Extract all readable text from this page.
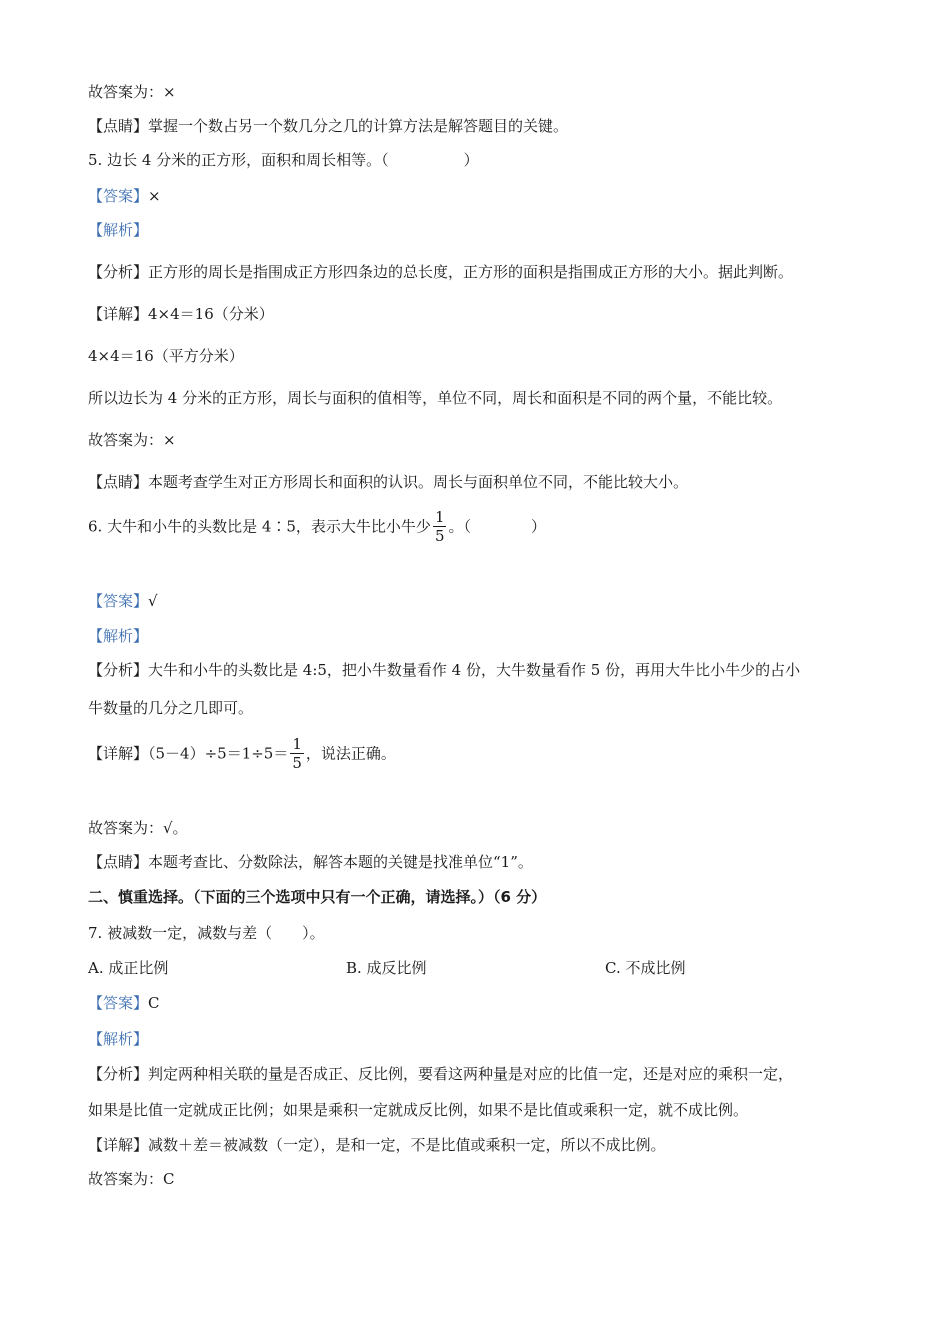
故答案为：×
【点睛】掌握一个数占另一个数几分之几的计算方法是解答题目的关键。
5. 边长 4 分米的正方形，面积和周长相等。（　　　　　）
【答案】×
【解析】
【分析】正方形的周长是指围成正方形四条边的总长度，正方形的面积是指围成正方形的大小。据此判断。
【详解】4×4＝16（分米）
4×4＝16（平方分米）
所以边长为 4 分米的正方形，周长与面积的值相等，单位不同，周长和面积是不同的两个量，不能比较。
故答案为：×
【点睛】本题考查学生对正方形周长和面积的认识。周长与面积单位不同，不能比较大小。
6. 大牛和小牛的头数比是 4∶5，表示大牛比小牛少 $\frac{1}{5}$ 。（　　　　）
【答案】√
【解析】
【分析】大牛和小牛的头数比是 4:5，把小牛数量看作 4 份，大牛数量看作 5 份，再用大牛比小牛少的占小
牛数量的几分之几即可。
【详解】$(5-4)\div 5=1\div 5= \frac{1}{5}$ ，说法正确。
故答案为：√。
【点睛】本题考查比、分数除法，解答本题的关键是找准单位“1”。
二、慎重选择。（下面的三个选项中只有一个正确，请选择。）（6 分）
7. 被减数一定，减数与差（　　）。
A. 成正比例	B. 成反比例	C. 不成比例
【答案】C
【解析】
【分析】判定两种相关联的量是否成正、反比例，要看这两种量是对应的比值一定，还是对应的乘积一定，
如果是比值一定就成正比例；如果是乘积一定就成反比例，如果不是比值或乘积一定，就不成比例。
【详解】减数＋差＝被减数（一定），是和一定，不是比值或乘积一定，所以不成比例。
故答案为：C
